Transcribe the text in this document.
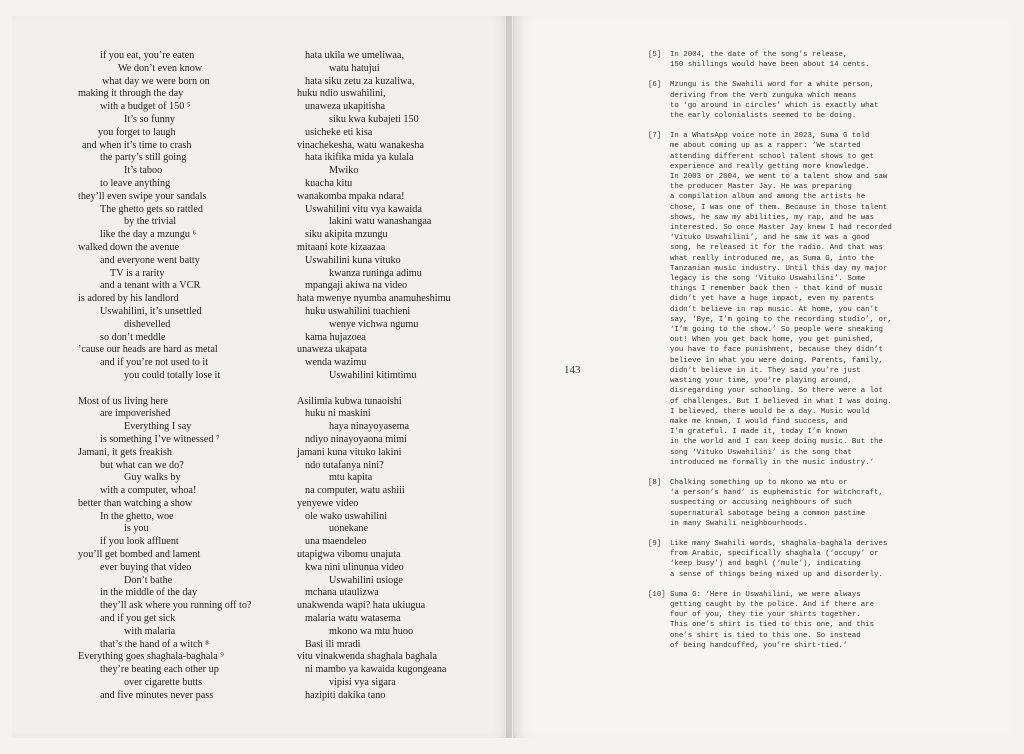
if you eat, you’re eaten
We don’t even know
what day we were born on
making it through the day
with a budget of 150 ⁵
It’s so funny
you forget to laugh
and when it’s time to crash
the party’s still going
It’s taboo
to leave anything
they’ll even swipe your sandals
The ghetto gets so rattled
by the trivial
like the day a mzungu ⁶
walked down the avenue
and everyone went batty
TV is a rarity
and a tenant with a VCR
is adored by his landlord
Uswahilini, it’s unsettled
dishevelled
so don’t meddle
’cause our heads are hard as metal
and if you’re not used to it
you could totally lose it
Most of us living here
are impoverished
Everything I say
is something I’ve witnessed ⁷
Jamani, it gets freakish
but what can we do?
Guy walks by
with a computer, whoa!
better than watching a show
In the ghetto, woe
is you
if you look affluent
you’ll get bombed and lament
ever buying that video
Don’t bathe
in the middle of the day
they’ll ask where you running off to?
and if you get sick
with malaria
that’s the hand of a witch ⁸
Everything goes shaghala-baghala ⁹
they’re beating each other up
over cigarette butts
and five minutes never pass
hata ukila we umeliwaa,
watu hatujui
hata siku zetu za kuzaliwa,
huku ndio uswahilini,
unaweza ukapitisha
siku kwa kubajeti 150
usicheke eti kisa
vinachekesha, watu wanakesha
hata ikifika mida ya kulala
Mwiko
kuacha kitu
wanakomba mpaka ndara!
Uswahilini vitu vya kawaida
lakini watu wanashangaa
siku akipita mzungu
mitaani kote kizaazaa
Uswahilini kuna vituko
kwanza runinga adimu
mpangaji akiwa na video
hata mwenye nyumba anamuheshimu
huku uswahilini tuachieni
wenye vichwa ngumu
kama hujazoea
unaweza ukapata
wenda wazimu
Uswahilini kitimtimu
Asilimia kubwa tunaoishi
huku ni maskini
haya ninayoyasema
ndiyo ninayoyaona mimi
jamani kuna vituko lakini
ndo tutafanya nini?
mtu kapita
na computer, watu ashiii
yenyewe video
ole wako uswahilini
uonekane
una maendeleo
utapigwa vibomu unajuta
kwa nini ulinunua video
Uswahilini usioge
mchana utaulizwa
unakwenda wapi? hata ukiugua
malaria watu watasema
mkono wa mtu huoo
Basi ili mradi
vitu vinakwenda shaghala baghala
ni mambo ya kawaida kugongeana
vipisi vya sigara
hazipiti dakika tano
143
[5] In 2004, the date of the song’s release,
150 shillings would have been about 14 cents.
[6] Mzungu is the Swahili word for a white person,
deriving from the verb zunguka which means
to ‘go around in circles’ which is exactly what
the early colonialists seemed to be doing.
[7] In a WhatsApp voice note in 2023, Suma G told
me about coming up as a rapper: ‘We started
attending different school talent shows to get
experience and really getting more knowledge.
In 2003 or 2004, we went to a talent show and saw
the producer Master Jay. He was preparing
a compilation album and among the artists he
chose, I was one of them. Because in those talent
shows, he saw my abilities, my rap, and he was
interested. So once Master Jay knew I had recorded
‘Vituko Uswahilini’, and he saw it was a good
song, he released it for the radio. And that was
what really introduced me, as Suma G, into the
Tanzanian music industry. Until this day my major
legacy is the song ‘Vituko Uswahilini’. Some
things I remember back then - that kind of music
didn’t yet have a huge impact, even my parents
didn’t believe in rap music. At home, you can’t
say, ‘Bye, I’m going to the recording studio’, or,
‘I’m going to the show.’ So people were sneaking
out! When you get back home, you get punished,
you have to face punishment, because they didn’t
believe in what you were doing. Parents, family,
didn’t believe in it. They said you’re just
wasting your time, you’re playing around,
disregarding your schooling. So there were a lot
of challenges. But I believed in what I was doing.
I believed, there would be a day. Music would
make me known, I would find success, and
I’m grateful. I made it, today I’m known
in the world and I can keep doing music. But the
song ‘Vituko Uswahilini’ is the song that
introduced me formally in the music industry.’
[8] Chalking something up to mkono wa mtu or
‘a person’s hand’ is euphemistic for witchcraft,
suspecting or accusing neighbours of such
supernatural sabotage being a common pastime
in many Swahili neighbourhoods.
[9] Like many Swahili words, shaghala-baghala derives
from Arabic, specifically shaghala (‘occupy’ or
‘keep busy’) and baghl (‘mule’), indicating
a sense of things being mixed up and disorderly.
[10] Suma G: ‘Here in Uswahilini, we were always
getting caught by the police. And if there are
four of you, they tie your shirts together.
This one’s shirt is tied to this one, and this
one’s shirt is tied to this one. So instead
of being handcuffed, you’re shirt-tied.’
